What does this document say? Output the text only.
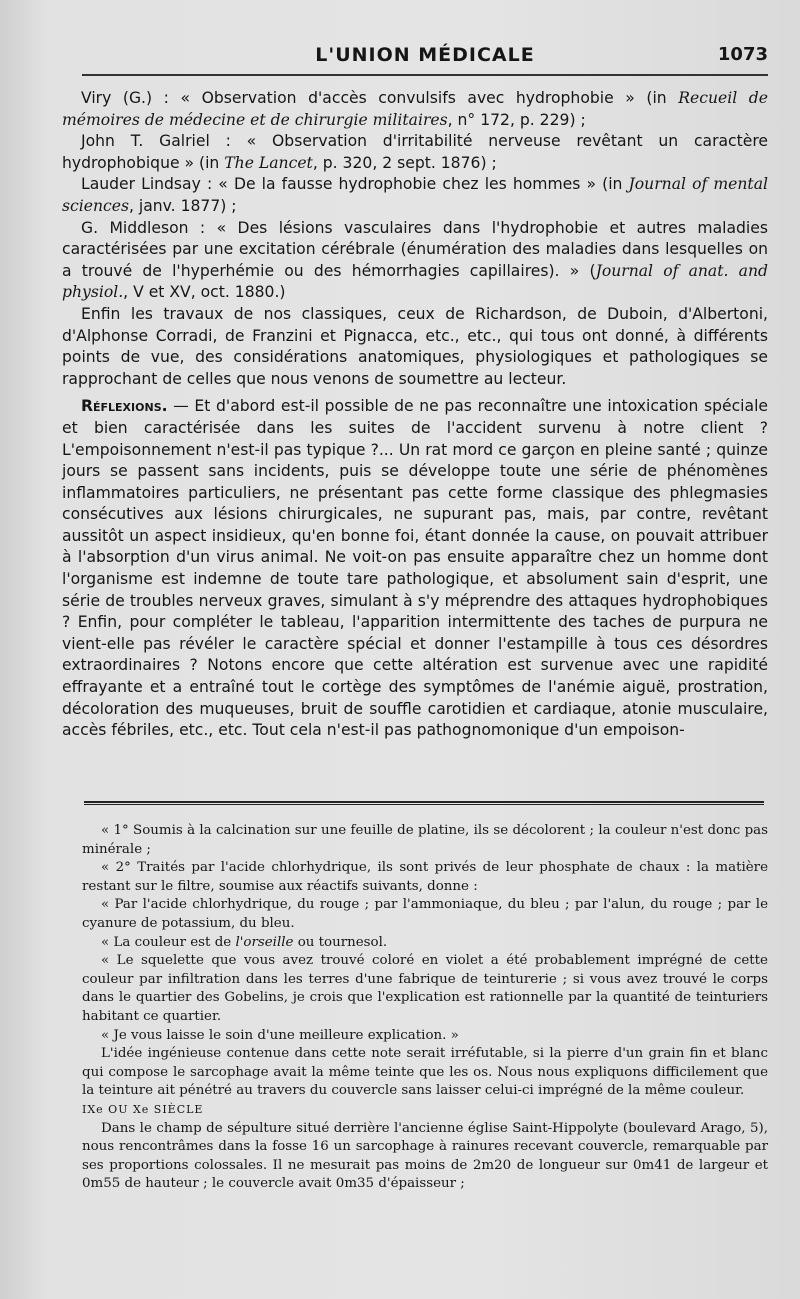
L'UNION MÉDICALE	1073

Viry (G.) : « Observation d'accès convulsifs avec hydrophobie » (in Recueil de mémoires de médecine et de chirurgie militaires, n° 172, p. 229) ;

John T. Galriel : « Observation d'irritabilité nerveuse revêtant un caractère hydrophobique » (in The Lancet, p. 320, 2 sept. 1876) ;

Lauder Lindsay : « De la fausse hydrophobie chez les hommes » (in Journal of mental sciences, janv. 1877) ;

G. Middleson : « Des lésions vasculaires dans l'hydrophobie et autres maladies caractérisées par une excitation cérébrale (énumération des maladies dans lesquelles on a trouvé de l'hyperhémie ou des hémorrhagies capillaires). » (Journal of anat. and physiol., V et XV, oct. 1880.)

Enfin les travaux de nos classiques, ceux de Richardson, de Duboin, d'Albertoni, d'Alphonse Corradi, de Franzini et Pignacca, etc., etc., qui tous ont donné, à différents points de vue, des considérations anatomiques, physiologiques et pathologiques se rapprochant de celles que nous venons de soumettre au lecteur.

Réflexions. — Et d'abord est-il possible de ne pas reconnaître une intoxication spéciale et bien caractérisée dans les suites de l'accident survenu à notre client ? L'empoisonnement n'est-il pas typique ?... Un rat mord ce garçon en pleine santé ; quinze jours se passent sans incidents, puis se développe toute une série de phénomènes inflammatoires particuliers, ne présentant pas cette forme classique des phlegmasies consécutives aux lésions chirurgicales, ne supurant pas, mais, par contre, revêtant aussitôt un aspect insidieux, qu'en bonne foi, étant donnée la cause, on pouvait attribuer à l'absorption d'un virus animal. Ne voit-on pas ensuite apparaître chez un homme dont l'organisme est indemne de toute tare pathologique, et absolument sain d'esprit, une série de troubles nerveux graves, simulant à s'y méprendre des attaques hydrophobiques ? Enfin, pour compléter le tableau, l'apparition intermittente des taches de purpura ne vient-elle pas révéler le caractère spécial et donner l'estampille à tous ces désordres extraordinaires ? Notons encore que cette altération est survenue avec une rapidité effrayante et a entraîné tout le cortège des symptômes de l'anémie aiguë, prostration, décoloration des muqueuses, bruit de souffle carotidien et cardiaque, atonie musculaire, accès fébriles, etc., etc. Tout cela n'est-il pas pathognomonique d'un empoison-

« 1° Soumis à la calcination sur une feuille de platine, ils se décolorent ; la couleur n'est donc pas minérale ;

« 2° Traités par l'acide chlorhydrique, ils sont privés de leur phosphate de chaux : la matière restant sur le filtre, soumise aux réactifs suivants, donne :

« Par l'acide chlorhydrique, du rouge ; par l'ammoniaque, du bleu ; par l'alun, du rouge ; par le cyanure de potassium, du bleu.

« La couleur est de l'orseille ou tournesol.

« Le squelette que vous avez trouvé coloré en violet a été probablement imprégné de cette couleur par infiltration dans les terres d'une fabrique de teinturerie ; si vous avez trouvé le corps dans le quartier des Gobelins, je crois que l'explication est rationnelle par la quantité de teinturiers habitant ce quartier.

« Je vous laisse le soin d'une meilleure explication. »

L'idée ingénieuse contenue dans cette note serait irréfutable, si la pierre d'un grain fin et blanc qui compose le sarcophage avait la même teinte que les os. Nous nous expliquons difficilement que la teinture ait pénétré au travers du couvercle sans laisser celui-ci imprégné de la même couleur.

IXe OU Xe SIÈCLE

Dans le champ de sépulture situé derrière l'ancienne église Saint-Hippolyte (boulevard Arago, 5), nous rencontrâmes dans la fosse 16 un sarcophage à rainures recevant couvercle, remarquable par ses proportions colossales. Il ne mesurait pas moins de 2m20 de longueur sur 0m41 de largeur et 0m55 de hauteur ; le couvercle avait 0m35 d'épaisseur ;
